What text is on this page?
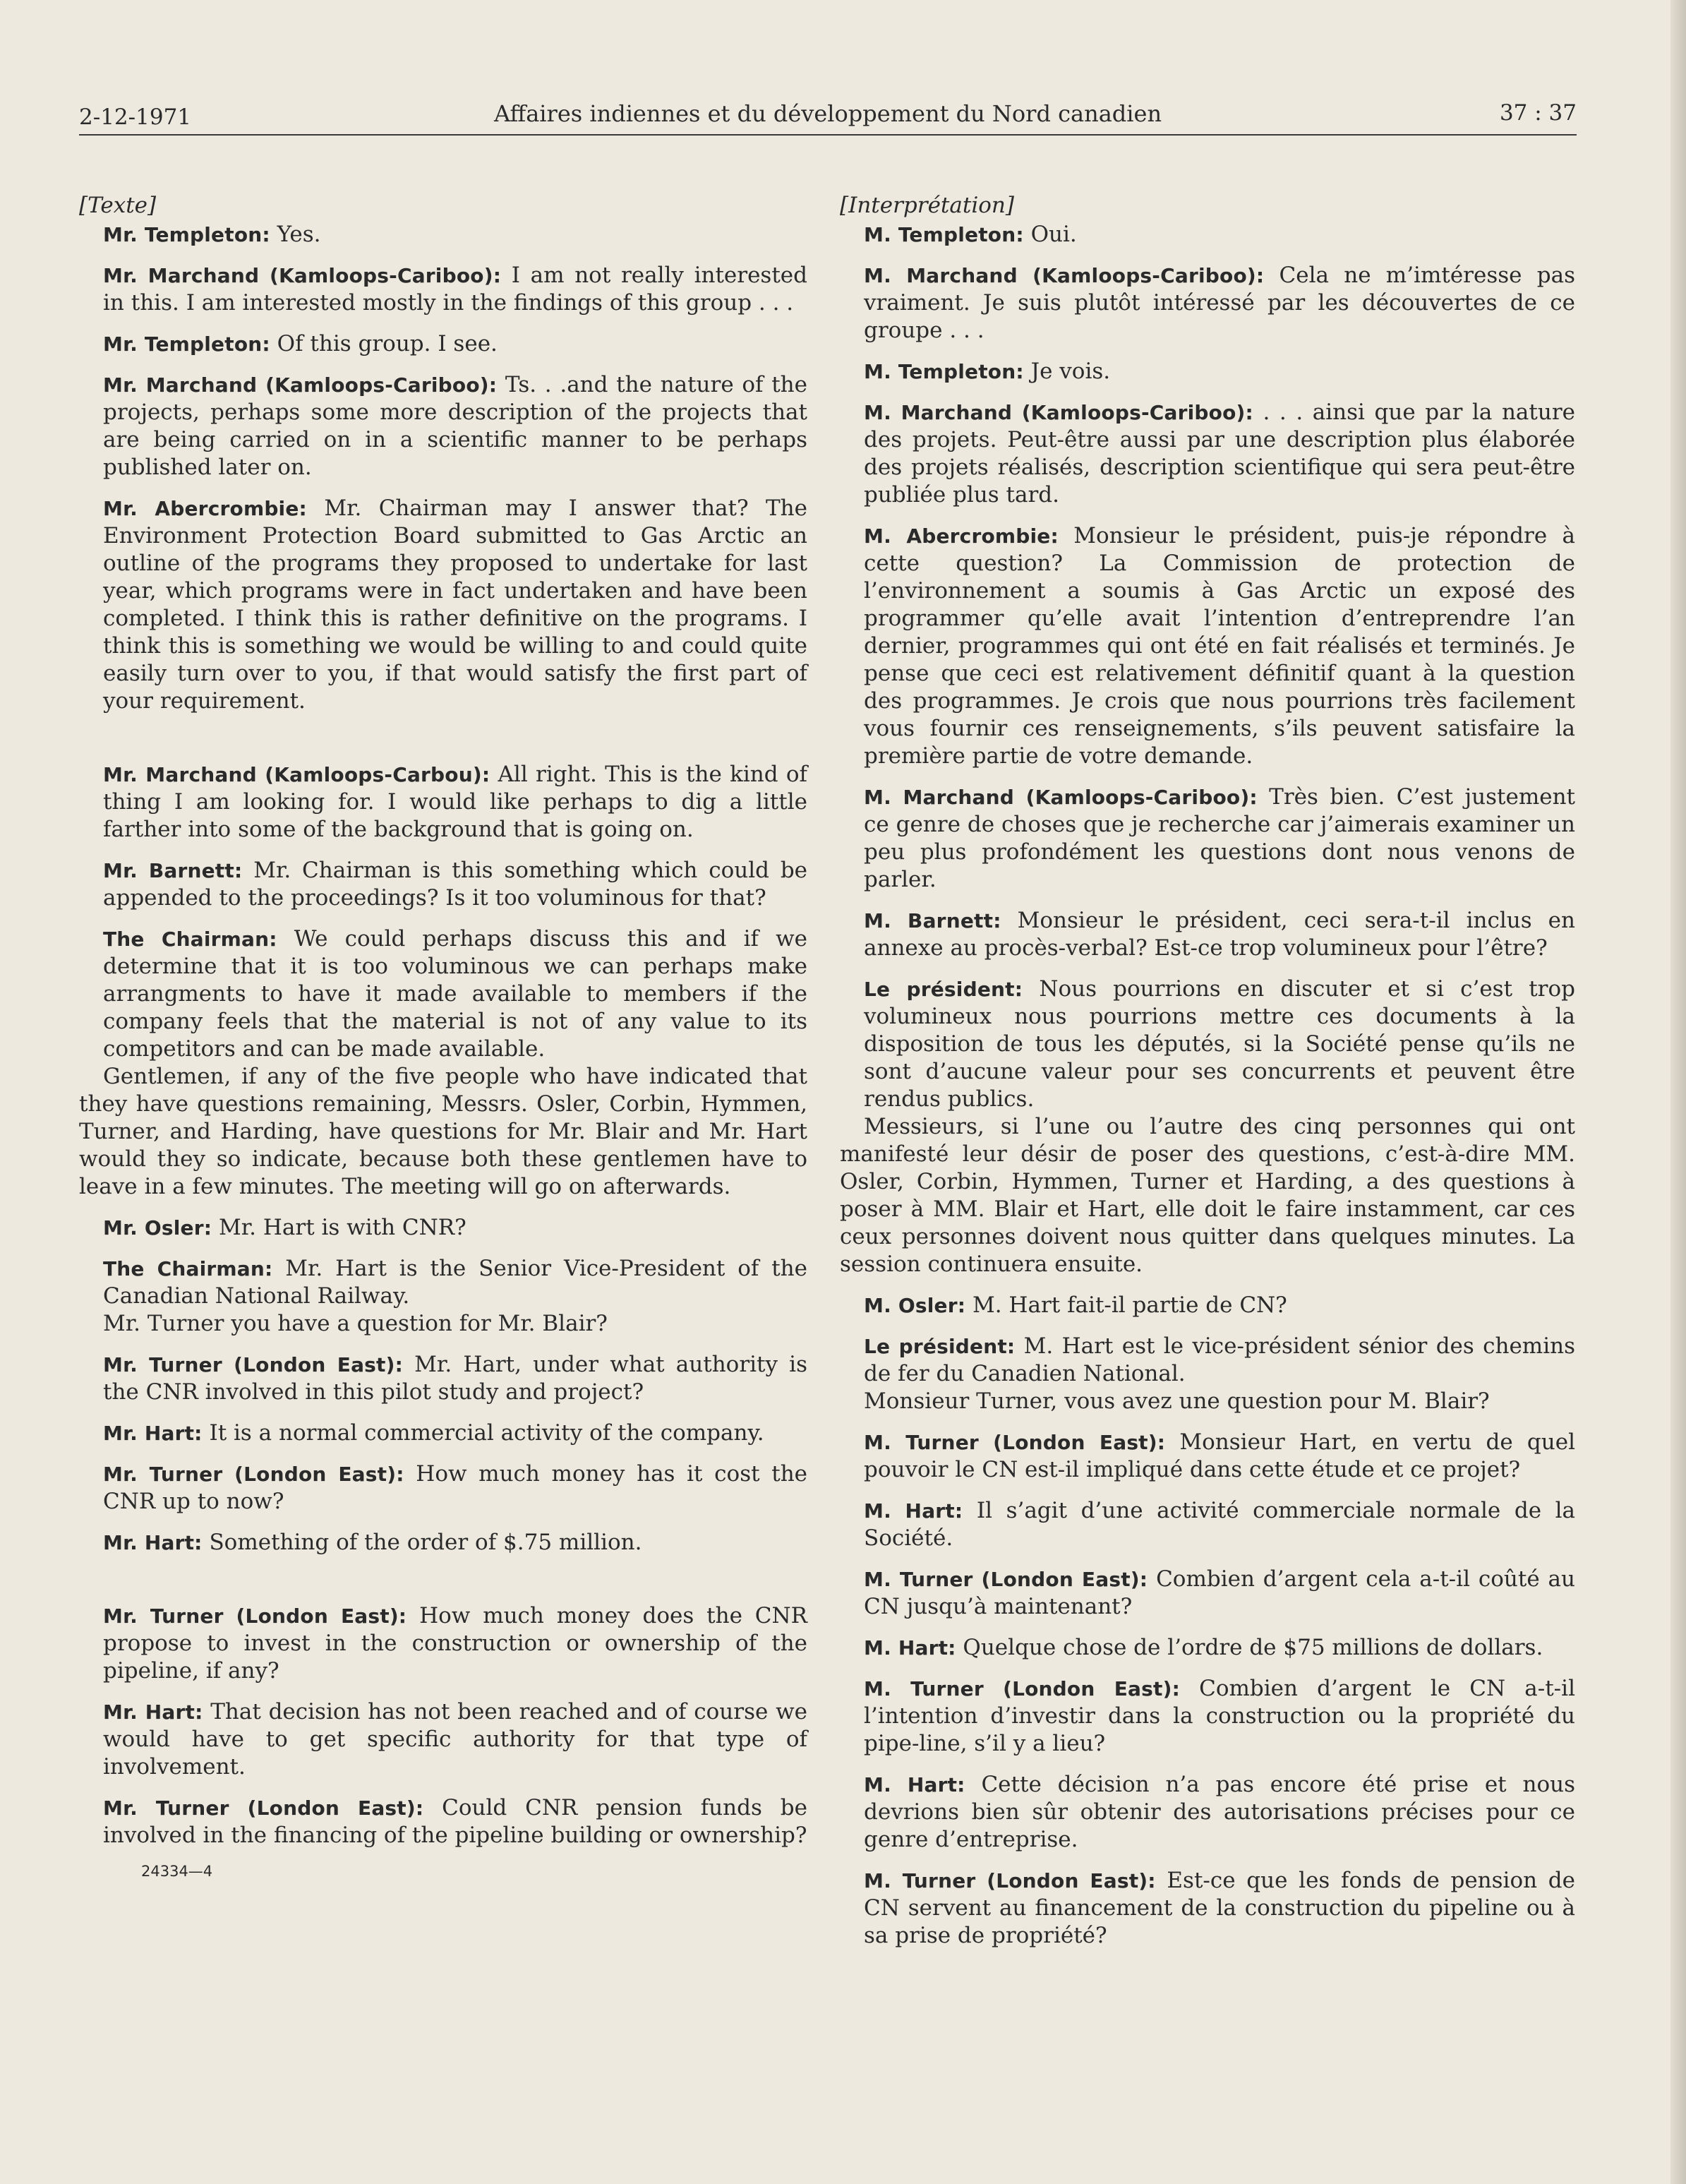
2-12-1971	Affaires indiennes et du développement du Nord canadien	37 : 37
[Texte]
Mr. Templeton: Yes.
Mr. Marchand (Kamloops-Cariboo): I am not really interested in this. I am interested mostly in the findings of this group . . .
Mr. Templeton: Of this group. I see.
Mr. Marchand (Kamloops-Cariboo): Ts. . .and the nature of the projects, perhaps some more description of the projects that are being carried on in a scientific manner to be perhaps published later on.
Mr. Abercrombie: Mr. Chairman may I answer that? The Environment Protection Board submitted to Gas Arctic an outline of the programs they proposed to undertake for last year, which programs were in fact undertaken and have been completed. I think this is rather definitive on the programs. I think this is something we would be willing to and could quite easily turn over to you, if that would satisfy the first part of your requirement.
Mr. Marchand (Kamloops-Carbou): All right. This is the kind of thing I am looking for. I would like perhaps to dig a little farther into some of the background that is going on.
Mr. Barnett: Mr. Chairman is this something which could be appended to the proceedings? Is it too voluminous for that?
The Chairman: We could perhaps discuss this and if we determine that it is too voluminous we can perhaps make arrangments to have it made available to members if the company feels that the material is not of any value to its competitors and can be made available.
Gentlemen, if any of the five people who have indicated that they have questions remaining, Messrs. Osler, Corbin, Hymmen, Turner, and Harding, have questions for Mr. Blair and Mr. Hart would they so indicate, because both these gentlemen have to leave in a few minutes. The meeting will go on afterwards.
Mr. Osler: Mr. Hart is with CNR?
The Chairman: Mr. Hart is the Senior Vice-President of the Canadian National Railway.
Mr. Turner you have a question for Mr. Blair?
Mr. Turner (London East): Mr. Hart, under what authority is the CNR involved in this pilot study and project?
Mr. Hart: It is a normal commercial activity of the company.
Mr. Turner (London East): How much money has it cost the CNR up to now?
Mr. Hart: Something of the order of $.75 million.
Mr. Turner (London East): How much money does the CNR propose to invest in the construction or ownership of the pipeline, if any?
Mr. Hart: That decision has not been reached and of course we would have to get specific authority for that type of involvement.
Mr. Turner (London East): Could CNR pension funds be involved in the financing of the pipeline building or ownership?
24334—4
[Interprétation]
M. Templeton: Oui.
M. Marchand (Kamloops-Cariboo): Cela ne m’imtéresse pas vraiment. Je suis plutôt intéressé par les découvertes de ce groupe . . .
M. Templeton: Je vois.
M. Marchand (Kamloops-Cariboo): . . . ainsi que par la nature des projets. Peut-être aussi par une description plus élaborée des projets réalisés, description scientifique qui sera peut-être publiée plus tard.
M. Abercrombie: Monsieur le président, puis-je répondre à cette question? La Commission de protection de l’environnement a soumis à Gas Arctic un exposé des programmer qu’elle avait l’intention d’entreprendre l’an dernier, programmes qui ont été en fait réalisés et terminés. Je pense que ceci est relativement définitif quant à la question des programmes. Je crois que nous pourrions très facilement vous fournir ces renseignements, s’ils peuvent satisfaire la première partie de votre demande.
M. Marchand (Kamloops-Cariboo): Très bien. C’est justement ce genre de choses que je recherche car j’aimerais examiner un peu plus profondément les questions dont nous venons de parler.
M. Barnett: Monsieur le président, ceci sera-t-il inclus en annexe au procès-verbal? Est-ce trop volumineux pour l’être?
Le président: Nous pourrions en discuter et si c’est trop volumineux nous pourrions mettre ces documents à la disposition de tous les députés, si la Société pense qu’ils ne sont d’aucune valeur pour ses concurrents et peuvent être rendus publics.
Messieurs, si l’une ou l’autre des cinq personnes qui ont manifesté leur désir de poser des questions, c’est-à-dire MM. Osler, Corbin, Hymmen, Turner et Harding, a des questions à poser à MM. Blair et Hart, elle doit le faire instamment, car ces ceux personnes doivent nous quitter dans quelques minutes. La session continuera ensuite.
M. Osler: M. Hart fait-il partie de CN?
Le président: M. Hart est le vice-président sénior des chemins de fer du Canadien National.
Monsieur Turner, vous avez une question pour M. Blair?
M. Turner (London East): Monsieur Hart, en vertu de quel pouvoir le CN est-il impliqué dans cette étude et ce projet?
M. Hart: Il s’agit d’une activité commerciale normale de la Société.
M. Turner (London East): Combien d’argent cela a-t-il coûté au CN jusqu’à maintenant?
M. Hart: Quelque chose de l’ordre de $75 millions de dollars.
M. Turner (London East): Combien d’argent le CN a-t-il l’intention d’investir dans la construction ou la propriété du pipe-line, s’il y a lieu?
M. Hart: Cette décision n’a pas encore été prise et nous devrions bien sûr obtenir des autorisations précises pour ce genre d’entreprise.
M. Turner (London East): Est-ce que les fonds de pension de CN servent au financement de la construction du pipeline ou à sa prise de propriété?
